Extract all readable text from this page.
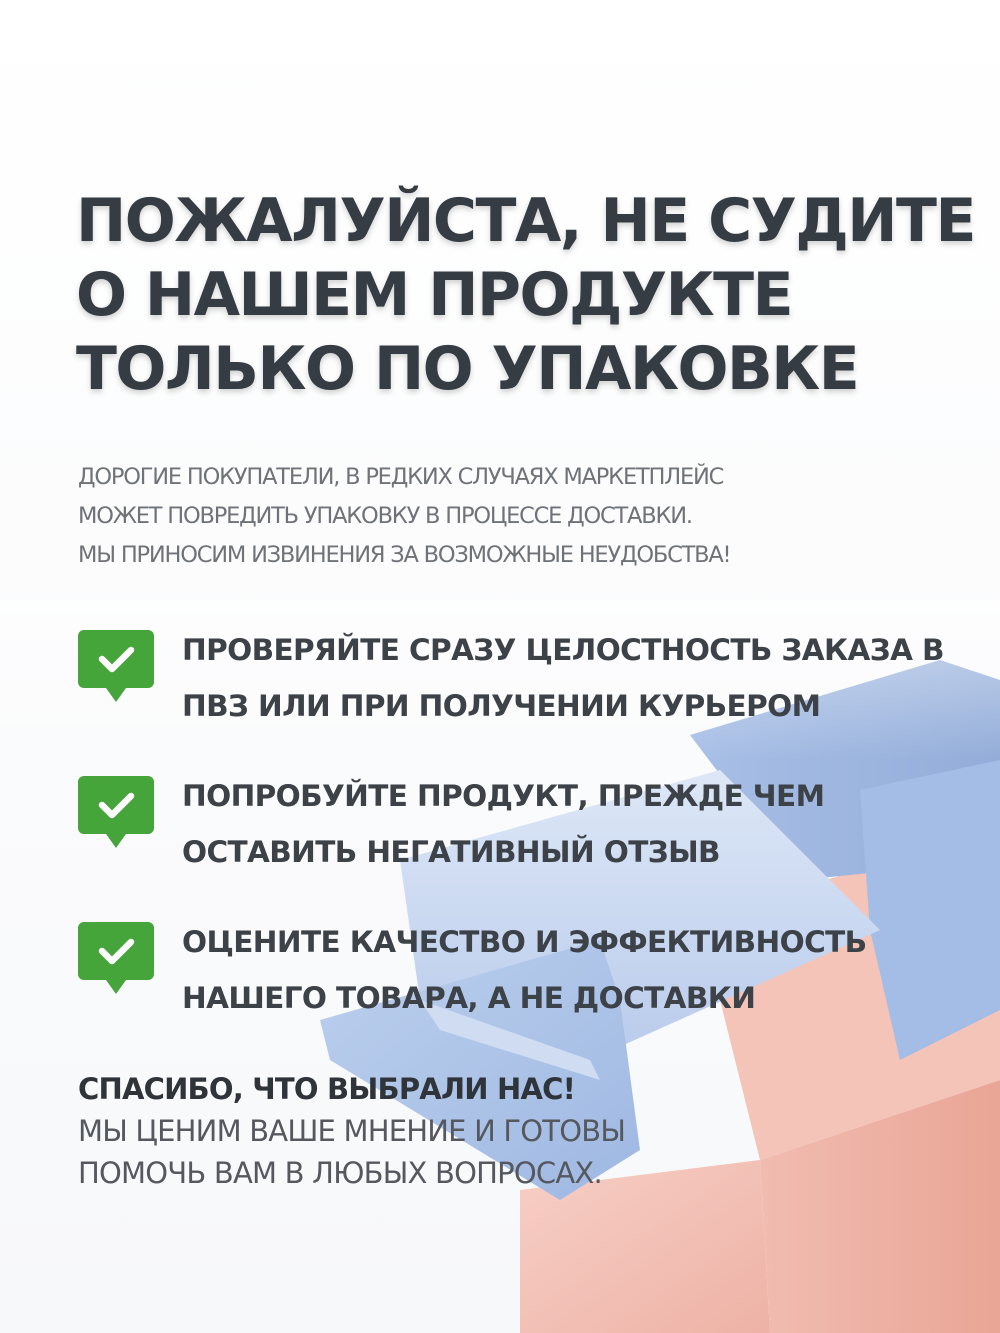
ПОЖАЛУЙСТА, НЕ СУДИТЕ
О НАШЕМ ПРОДУКТЕ
ТОЛЬКО ПО УПАКОВКЕ

ДОРОГИЕ ПОКУПАТЕЛИ, В РЕДКИХ СЛУЧАЯХ МАРКЕТПЛЕЙС
МОЖЕТ ПОВРЕДИТЬ УПАКОВКУ В ПРОЦЕССЕ ДОСТАВКИ.
МЫ ПРИНОСИМ ИЗВИНЕНИЯ ЗА ВОЗМОЖНЫЕ НЕУДОБСТВА!

ПРОВЕРЯЙТЕ СРАЗУ ЦЕЛОСТНОСТЬ ЗАКАЗА В
ПВЗ ИЛИ ПРИ ПОЛУЧЕНИИ КУРЬЕРОМ

ПОПРОБУЙТЕ ПРОДУКТ, ПРЕЖДЕ ЧЕМ
ОСТАВИТЬ НЕГАТИВНЫЙ ОТЗЫВ

ОЦЕНИТЕ КАЧЕСТВО И ЭФФЕКТИВНОСТЬ
НАШЕГО ТОВАРА, А НЕ ДОСТАВКИ

СПАСИБО, ЧТО ВЫБРАЛИ НАС!
МЫ ЦЕНИМ ВАШЕ МНЕНИЕ И ГОТОВЫ
ПОМОЧЬ ВАМ В ЛЮБЫХ ВОПРОСАХ.
